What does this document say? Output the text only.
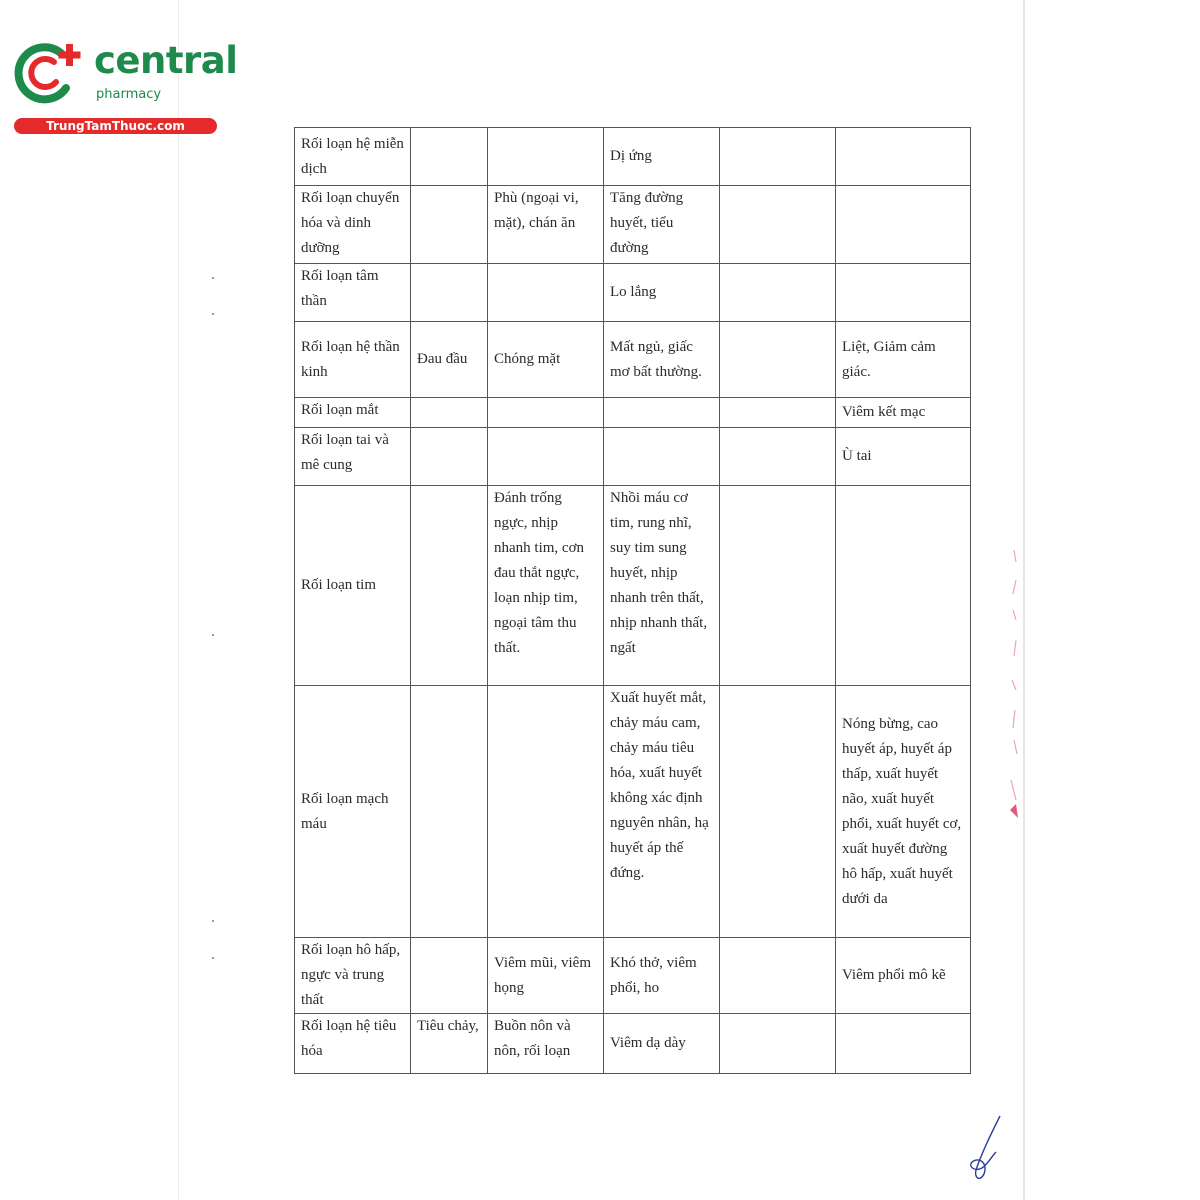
central
pharmacy
TrungTamThuoc.com
Rối loạn hệ miễn dịch			Dị ứng		
Rối loạn chuyển hóa và dinh dưỡng		Phù (ngoại vi, mặt), chán ăn	Tăng đường huyết, tiểu đường		
Rối loạn tâm thần			Lo lắng		
Rối loạn hệ thần kinh	Đau đầu	Chóng mặt	Mất ngủ, giấc mơ bất thường.		Liệt, Giảm cảm giác.
Rối loạn mắt					Viêm kết mạc
Rối loạn tai và mê cung					Ù tai
Rối loạn tim		Đánh trống ngực, nhịp nhanh tim, cơn đau thắt ngực, loạn nhịp tim, ngoại tâm thu thất.	Nhồi máu cơ tim, rung nhĩ, suy tim sung huyết, nhịp nhanh trên thất, nhịp nhanh thất, ngất		
Rối loạn mạch máu			Xuất huyết mắt, chảy máu cam, chảy máu tiêu hóa, xuất huyết không xác định nguyên nhân, hạ huyết áp thế đứng.		Nóng bừng, cao huyết áp, huyết áp thấp, xuất huyết não, xuất huyết phổi, xuất huyết cơ, xuất huyết đường hô hấp, xuất huyết dưới da
Rối loạn hô hấp, ngực và trung thất		Viêm mũi, viêm họng	Khó thở, viêm phổi, ho		Viêm phổi mô kẽ
Rối loạn hệ tiêu hóa	Tiêu chảy,	Buồn nôn và nôn, rối loạn	Viêm dạ dày		
